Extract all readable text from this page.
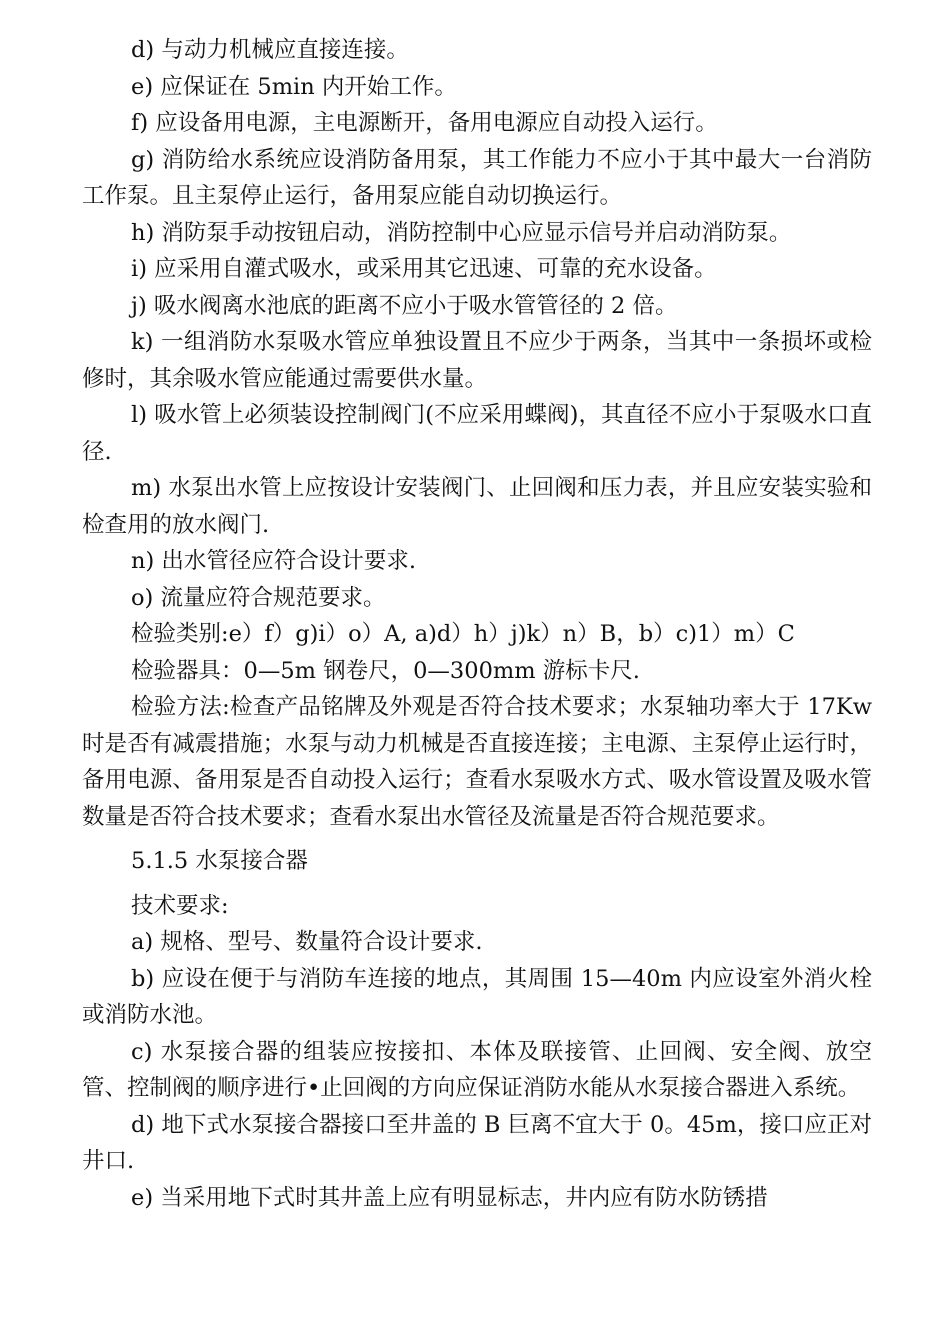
d) 与动力机械应直接连接。

e) 应保证在 5min 内开始工作。

f) 应设备用电源，主电源断开，备用电源应自动投入运行。

g) 消防给水系统应设消防备用泵，其工作能力不应小于其中最大一台消防工作泵。且主泵停止运行，备用泵应能自动切换运行。

h) 消防泵手动按钮启动，消防控制中心应显示信号并启动消防泵。

i) 应采用自灌式吸水，或采用其它迅速、可靠的充水设备。

j) 吸水阀离水池底的距离不应小于吸水管管径的 2 倍。

k) 一组消防水泵吸水管应单独设置且不应少于两条，当其中一条损坏或检修时，其余吸水管应能通过需要供水量。

l) 吸水管上必须装设控制阀门(不应采用蝶阀)，其直径不应小于泵吸水口直径.

m) 水泵出水管上应按设计安装阀门、止回阀和压力表，并且应安装实验和检查用的放水阀门.

n) 出水管径应符合设计要求.

o) 流量应符合规范要求。

检验类别:e）f）g)i）o）A, a)d）h）j)k）n）B，b）c)1）m）C

检验器具：0—5m 钢卷尺，0—300mm 游标卡尺.

检验方法:检查产品铭牌及外观是否符合技术要求；水泵轴功率大于 17Kw 时是否有减震措施；水泵与动力机械是否直接连接；主电源、主泵停止运行时，备用电源、备用泵是否自动投入运行；查看水泵吸水方式、吸水管设置及吸水管数量是否符合技术要求；查看水泵出水管径及流量是否符合规范要求。

5.1.5 水泵接合器

技术要求:

a) 规格、型号、数量符合设计要求.

b) 应设在便于与消防车连接的地点，其周围 15—40m 内应设室外消火栓或消防水池。

c) 水泵接合器的组装应按接扣、本体及联接管、止回阀、安全阀、放空管、控制阀的顺序进行•止回阀的方向应保证消防水能从水泵接合器进入系统。

d) 地下式水泵接合器接口至井盖的 B 巨离不宜大于 0。45m，接口应正对井口.

e) 当采用地下式时其井盖上应有明显标志，井内应有防水防锈措
